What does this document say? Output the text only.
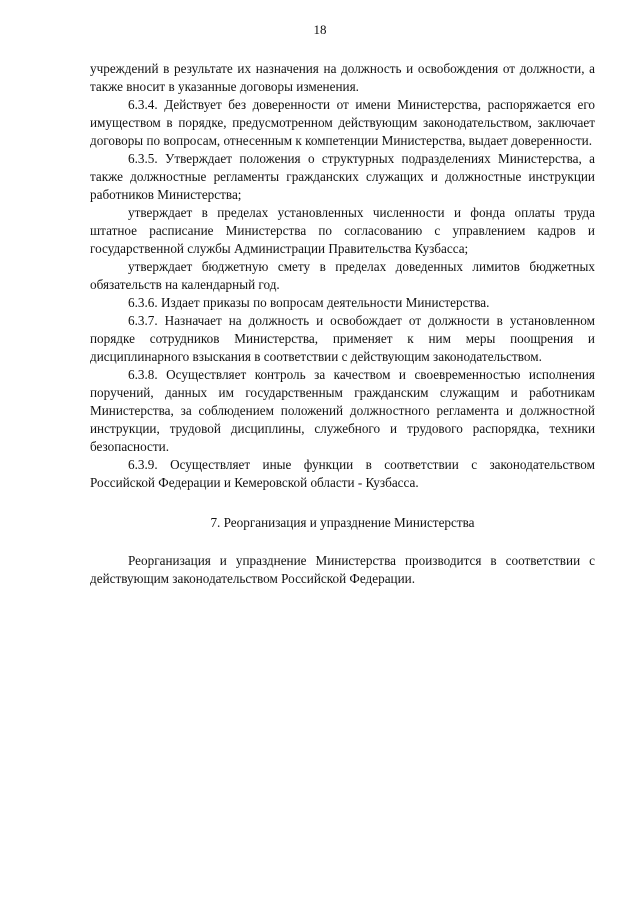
18

учреждений в результате их назначения на должность и освобождения от должности, а также вносит в указанные договоры изменения.

6.3.4. Действует без доверенности от имени Министерства, распоряжается его имуществом в порядке, предусмотренном действующим законодательством, заключает договоры по вопросам, отнесенным к компетенции Министерства, выдает доверенности.

6.3.5. Утверждает положения о структурных подразделениях Министерства, а также должностные регламенты гражданских служащих и должностные инструкции работников Министерства;

утверждает в пределах установленных численности и фонда оплаты труда штатное расписание Министерства по согласованию с управлением кадров и государственной службы Администрации Правительства Кузбасса;

утверждает бюджетную смету в пределах доведенных лимитов бюджетных обязательств на календарный год.

6.3.6. Издает приказы по вопросам деятельности Министерства.

6.3.7. Назначает на должность и освобождает от должности в установленном порядке сотрудников Министерства, применяет к ним меры поощрения и дисциплинарного взыскания в соответствии с действующим законодательством.

6.3.8. Осуществляет контроль за качеством и своевременностью исполнения поручений, данных им государственным гражданским служащим и работникам Министерства, за соблюдением положений должностного регламента и должностной инструкции, трудовой дисциплины, служебного и трудового распорядка, техники безопасности.

6.3.9. Осуществляет иные функции в соответствии с законодательством Российской Федерации и Кемеровской области - Кузбасса.

7. Реорганизация и упразднение Министерства

Реорганизация и упразднение Министерства производится в соответствии с действующим законодательством Российской Федерации.
